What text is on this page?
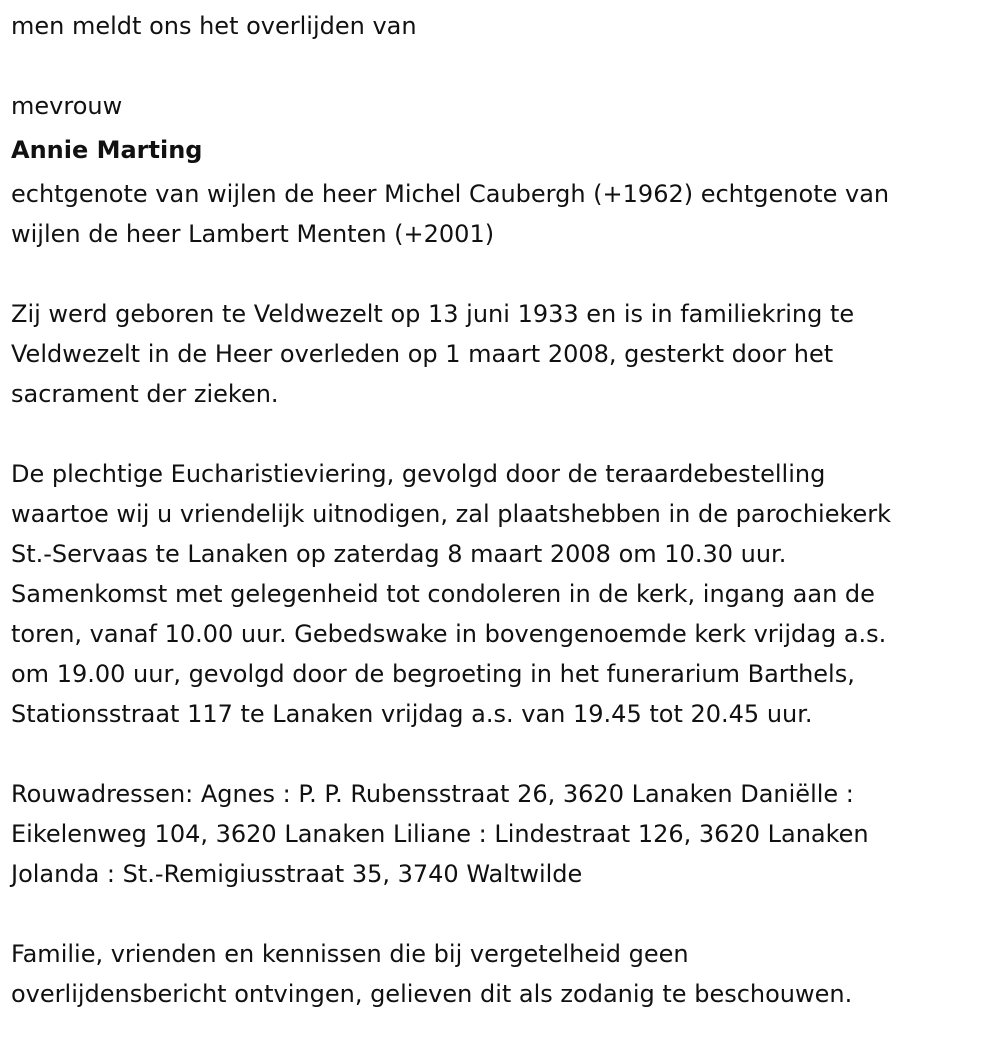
men meldt ons het overlijden van

mevrouw

Annie Marting

echtgenote van wijlen de heer Michel Caubergh (+1962) echtgenote van

wijlen de heer Lambert Menten (+2001)

Zij werd geboren te Veldwezelt op 13 juni 1933 en is in familiekring te

Veldwezelt in de Heer overleden op 1 maart 2008, gesterkt door het

sacrament der zieken.

De plechtige Eucharistieviering, gevolgd door de teraardebestelling

waartoe wij u vriendelijk uitnodigen, zal plaatshebben in de parochiekerk

St.-Servaas te Lanaken op zaterdag 8 maart 2008 om 10.30 uur.

Samenkomst met gelegenheid tot condoleren in de kerk, ingang aan de

toren, vanaf 10.00 uur. Gebedswake in bovengenoemde kerk vrijdag a.s.

om 19.00 uur, gevolgd door de begroeting in het funerarium Barthels,

Stationsstraat 117 te Lanaken vrijdag a.s. van 19.45 tot 20.45 uur.

Rouwadressen: Agnes : P. P. Rubensstraat 26, 3620 Lanaken Daniëlle :

Eikelenweg 104, 3620 Lanaken Liliane : Lindestraat 126, 3620 Lanaken

Jolanda : St.-Remigiusstraat 35, 3740 Waltwilde

Familie, vrienden en kennissen die bij vergetelheid geen

overlijdensbericht ontvingen, gelieven dit als zodanig te beschouwen.
